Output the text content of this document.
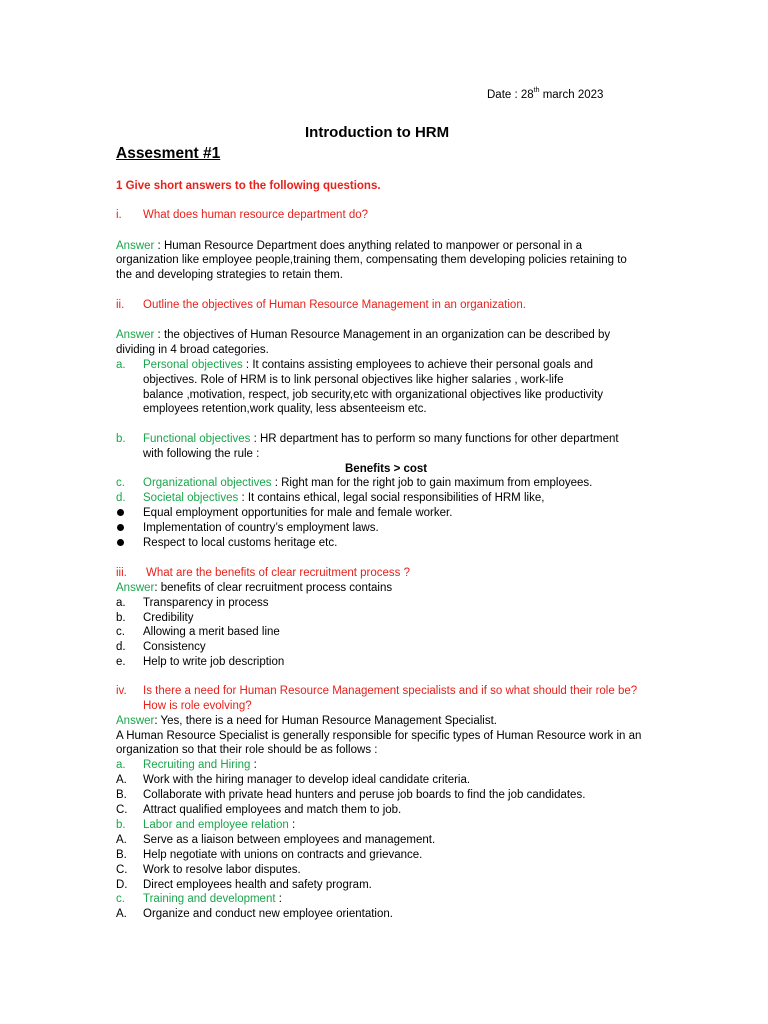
Date : 28th march 2023
Introduction to HRM
Assesment #1
1 Give short answers to the following questions.
i. What does human resource department do?
Answer : Human Resource Department does anything related to manpower or personal in a
organization like employee people,training them, compensating them developing policies retaining to
the and developing strategies to retain them.
ii. Outline the objectives of Human Resource Management in an organization.
Answer : the objectives of Human Resource Management in an organization can be described by
dividing in 4 broad categories.
a. Personal objectives : It contains assisting employees to achieve their personal goals and
objectives. Role of HRM is to link personal objectives like higher salaries , work-life
balance ,motivation, respect, job security,etc with organizational objectives like productivity
employees retention,work quality, less absenteeism etc.
b. Functional objectives : HR department has to perform so many functions for other department
with following the rule :
Benefits > cost
c. Organizational objectives : Right man for the right job to gain maximum from employees.
d. Societal objectives : It contains ethical, legal social responsibilities of HRM like,
Equal employment opportunities for male and female worker.
Implementation of country’s employment laws.
Respect to local customs heritage etc.
iii. What are the benefits of clear recruitment process ?
Answer: benefits of clear recruitment process contains
a. Transparency in process
b. Credibility
c. Allowing a merit based line
d. Consistency
e. Help to write job description
iv. Is there a need for Human Resource Management specialists and if so what should their role be?
How is role evolving?
Answer: Yes, there is a need for Human Resource Management Specialist.
A Human Resource Specialist is generally responsible for specific types of Human Resource work in an
organization so that their role should be as follows :
a. Recruiting and Hiring :
A. Work with the hiring manager to develop ideal candidate criteria.
B. Collaborate with private head hunters and peruse job boards to find the job candidates.
C. Attract qualified employees and match them to job.
b. Labor and employee relation :
A. Serve as a liaison between employees and management.
B. Help negotiate with unions on contracts and grievance.
C. Work to resolve labor disputes.
D. Direct employees health and safety program.
c. Training and development :
A. Organize and conduct new employee orientation.
